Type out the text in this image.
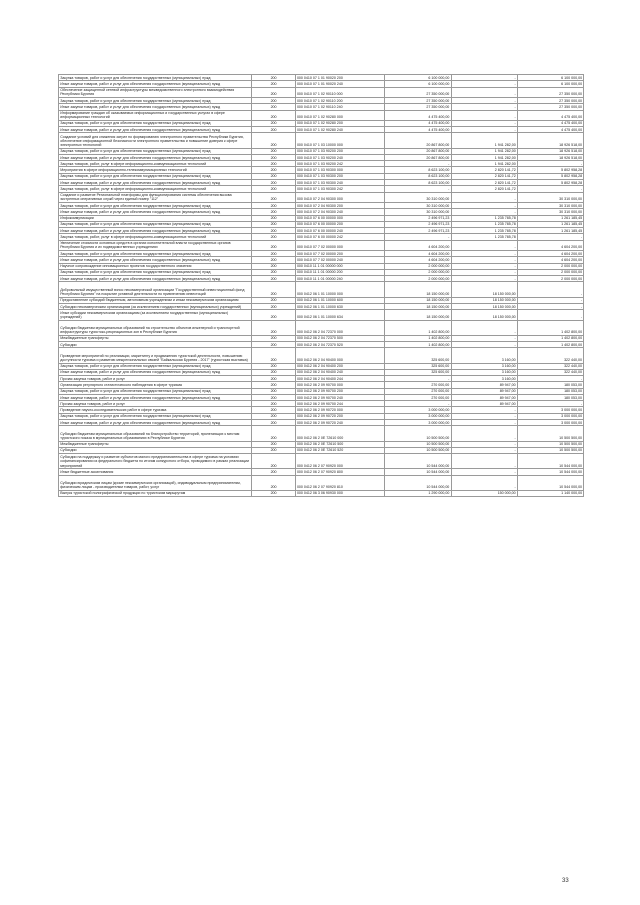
Закупка товаров, работ и услуг для обеспечения государственных (муниципальных) нужд	200	000 0410 07 1 01 90020 200	6 100 000,00	-	6 100 000,00
Иные закупки товаров, работ и услуг для обеспечения государственных (муниципальных) нужд	200	000 0410 07 1 01 90020 240	6 100 000,00	-	6 100 000,00
Обеспечение защищенной сетевой инфраструктуры межведомственного электронного взаимодействия Республики Бурятия	200	000 0410 07 1 02 90110 000	27 350 000,00	-	27 350 000,00
Закупка товаров, работ и услуг для обеспечения государственных (муниципальных) нужд	200	000 0410 07 1 02 90110 200	27 350 000,00	-	27 350 000,00
Иные закупки товаров, работ и услуг для обеспечения государственных (муниципальных) нужд	200	000 0410 07 1 02 90110 240	27 350 000,00	-	27 350 000,00
Информирование граждан об оказываемых информационных и государственных услугах в сфере информационных технологий	200	000 0410 07 1 02 90280 000	4 475 400,00	-	4 475 400,00
Закупка товаров, работ и услуг для обеспечения государственных (муниципальных) нужд	200	000 0410 07 1 02 90280 200	4 475 400,00	-	4 475 400,00
Иные закупки товаров, работ и услуг для обеспечения государственных (муниципальных) нужд	200	000 0410 07 1 02 90280 240	4 475 400,00	-	4 475 400,00
Создание условий для снижения затрат по формированию электронного правительства Республики Бурятия, обеспечение информационной безопасности электронного правительства и повышение доверия к сфере электронных технологий	200	000 0410 07 1 03 10000 000	20 867 800,00	1 941 282,00	18 926 518,00
Закупка товаров, работ и услуг для обеспечения государственных (муниципальных) нужд	200	000 0410 07 1 03 90200 200	20 867 800,00	1 941 282,00	18 926 518,00
Иные закупки товаров, работ и услуг для обеспечения государственных (муниципальных) нужд	200	000 0410 07 1 03 90200 240	20 867 800,00	1 941 282,00	18 926 518,00
Закупка товаров, работ, услуг в сфере информационно-коммуникационных технологий	200	000 0410 07 1 03 90200 242	-	1 941 282,00	-
Мероприятия в сфере информационно-телекоммуникационных технологий	200	000 0410 07 1 03 90300 000	8 623 100,00	2 820 141,72	5 802 958,28
Закупка товаров, работ и услуг для обеспечения государственных (муниципальных) нужд	200	000 0410 07 1 03 90300 200	8 623 100,00	2 820 141,72	5 802 958,28
Иные закупки товаров, работ и услуг для обеспечения государственных (муниципальных) нужд	200	000 0410 07 1 03 90300 240	8 623 100,00	2 820 141,72	5 802 958,28
Закупка товаров, работ, услуг в сфере информационно-коммуникационных технологий	200	000 0410 07 1 03 90300 242	-	2 820 141,72	-
Создание и развитие Региональной платформы для функционирования системы обеспечения вызова экстренных оперативных служб через единый номер "112"	200	000 0410 07 2 04 90300 000	30 310 000,00	-	30 310 000,00
Закупка товаров, работ и услуг для обеспечения государственных (муниципальных) нужд	200	000 0410 07 2 04 90300 200	30 310 000,00	-	30 310 000,00
Иные закупки товаров, работ и услуг для обеспечения государственных (муниципальных) нужд	200	000 0410 07 2 04 90300 240	30 310 000,00	-	30 310 000,00
Инфокоммуникации	200	000 0410 07 6 00 00000 000	2 496 971,23	1 235 785,78	1 261 185,45
Закупка товаров, работ и услуг для обеспечения государственных (муниципальных) нужд	200	000 0410 07 6 00 00000 200	2 496 971,23	1 235 785,78	1 261 185,45
Иные закупки товаров, работ и услуг для обеспечения государственных (муниципальных) нужд	200	000 0410 07 6 00 00000 240	2 496 971,23	1 235 785,78	1 261 185,45
Закупка товаров, работ, услуг в сфере информационно-коммуникационных технологий	200	000 0410 07 6 00 00000 242	-	1 235 785,78	-
Увеличение стоимости основных средств в органах исполнительной власти государственных органов Республики Бурятия и их подведомственных учреждениях	200	000 0410 07 7 02 00000 000	4 604 200,00	-	4 604 200,00
Закупка товаров, работ и услуг для обеспечения государственных (муниципальных) нужд	200	000 0410 07 7 02 00000 200	4 604 200,00	-	4 604 200,00
Иные закупки товаров, работ и услуг для обеспечения государственных (муниципальных) нужд	200	000 0410 07 7 02 00000 240	4 604 200,00	-	4 604 200,00
Научное сопровождение инновационных проектов государственного значения	200	000 0410 11 1 01 00000 000	2 000 000,00	-	2 000 000,00
Закупка товаров, работ и услуг для обеспечения государственных (муниципальных) нужд	200	000 0410 11 1 01 00000 200	2 000 000,00	-	2 000 000,00
Иные закупки товаров, работ и услуг для обеспечения государственных (муниципальных) нужд	200	000 0410 11 1 01 00000 240	2 000 000,00	-	2 000 000,00
Добровольный имущественный взнос некоммерческой организации "Государственный инвестиционный фонд Республики Бурятия" на покрытие уставной деятельности по привлечению инвестиций	200	000 0412 06 1 01 10000 000	18 150 000,00	18 150 000,00	-
Предоставление субсидий бюджетным, автономным учреждениям и иным некоммерческим организациям	200	000 0412 06 1 01 10000 600	18 150 000,00	18 150 000,00	-
Субсидии некоммерческим организациям (за исключением государственных (муниципальных) учреждений)	200	000 0412 06 1 01 10000 630	18 150 000,00	18 150 000,00	-
Иные субсидии некоммерческим организациям (за исключением государственных (муниципальных) учреждений)	200	000 0412 06 1 01 10000 634	18 150 000,00	18 150 000,00	-
Субсидии бюджетам муниципальных образований на строительство объектов инженерной и транспортной инфраструктуры туристско-рекреационных зон в Республике Бурятия	200	000 0412 06 2 04 72370 000	1 402 800,00	-	1 402 800,00
Межбюджетные трансферты	200	000 0412 06 2 04 72370 500	1 402 800,00	-	1 402 800,00
Субсидии	200	000 0412 06 2 04 72370 520	1 402 800,00	-	1 402 800,00
Проведение мероприятий по реализации, маркетингу и продвижению туристской деятельности, повышению доступности туризма и развитию межрегиональных связей "Байкальская Бурятия - 2017" (туристская выставка)	200	000 0412 06 2 04 90400 000	325 600,00	3 160,00	322 440,00
Закупка товаров, работ и услуг для обеспечения государственных (муниципальных) нужд	200	000 0412 06 2 04 90400 200	325 600,00	3 160,00	322 440,00
Иные закупки товаров, работ и услуг для обеспечения государственных (муниципальных) нужд	200	000 0412 06 2 04 90400 240	325 600,00	3 160,00	322 440,00
Прочая закупка товаров, работ и услуг	200	000 0412 06 2 04 90400 244	-	3 160,00	-
Организация регулярного статистического наблюдения в сфере туризма	200	000 0412 06 2 09 90700 000	270 000,00	89 947,00	180 053,00
Закупка товаров, работ и услуг для обеспечения государственных (муниципальных) нужд	200	000 0412 06 2 09 90700 200	270 000,00	89 947,00	180 053,00
Иные закупки товаров, работ и услуг для обеспечения государственных (муниципальных) нужд	200	000 0412 06 2 09 90700 240	270 000,00	89 947,00	180 053,00
Прочая закупка товаров, работ и услуг	200	000 0412 06 2 09 90700 244	-	89 947,00	-
Проведение научно-исследовательских работ в сфере туризма	200	000 0412 06 2 09 90720 000	3 000 000,00	-	3 000 000,00
Закупка товаров, работ и услуг для обеспечения государственных (муниципальных) нужд	200	000 0412 06 2 09 90720 200	3 000 000,00	-	3 000 000,00
Иные закупки товаров, работ и услуг для обеспечения государственных (муниципальных) нужд	200	000 0412 06 2 09 90720 240	3 000 000,00	-	3 000 000,00
Субсидии бюджетам муниципальных образований на благоустройство территорий, прилегающих к местам туристского показа в муниципальных образованиях в Республике Бурятия	200	000 0412 06 2 0Е 72610 000	10 500 500,00	-	10 500 500,00
Межбюджетные трансферты	200	000 0412 06 2 0Е 72610 500	10 500 500,00	-	10 500 500,00
Субсидии	200	000 0412 06 2 0Е 72610 520	10 500 500,00	-	10 500 500,00
Субсидии на поддержку и развитие субъектов малого предпринимательства в сфере туризма на условиях софинансирования из федерального бюджета по итогам конкурсного отбора, проводимого в рамках реализации мероприятий	200	000 0412 06 2 07 90920 000	10 544 000,00	-	10 544 000,00
Иные бюджетные ассигнования	200	000 0412 06 2 07 90920 800	10 544 000,00	-	10 544 000,00
Субсидии юридическим лицам (кроме некоммерческих организаций), индивидуальным предпринимателям, физическим лицам - производителям товаров, работ, услуг	200	000 0412 06 2 07 90920 810	10 544 000,00	-	10 544 000,00
Выпуск туристской полиграфической продукции по туристским маршрутам	200	000 0412 06 3 06 90930 000	1 290 000,00	150 000,00	1 140 000,00
33
